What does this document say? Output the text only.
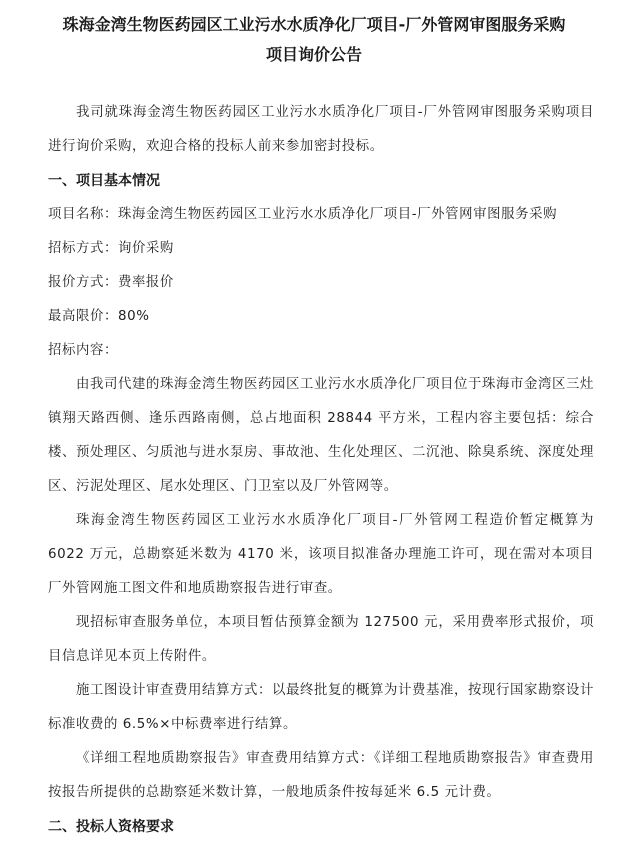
珠海金湾生物医药园区工业污水水质净化厂项目-厂外管网审图服务采购
项目询价公告

我司就珠海金湾生物医药园区工业污水水质净化厂项目-厂外管网审图服务采购项目进行询价采购，欢迎合格的投标人前来参加密封投标。

一、项目基本情况

项目名称：珠海金湾生物医药园区工业污水水质净化厂项目-厂外管网审图服务采购

招标方式：询价采购

报价方式：费率报价

最高限价：80%

招标内容：

由我司代建的珠海金湾生物医药园区工业污水水质净化厂项目位于珠海市金湾区三灶镇翔天路西侧、逢乐西路南侧，总占地面积 28844 平方米，工程内容主要包括：综合楼、预处理区、匀质池与进水泵房、事故池、生化处理区、二沉池、除臭系统、深度处理区、污泥处理区、尾水处理区、门卫室以及厂外管网等。

珠海金湾生物医药园区工业污水水质净化厂项目-厂外管网工程造价暂定概算为 6022 万元，总勘察延米数为 4170 米，该项目拟准备办理施工许可，现在需对本项目厂外管网施工图文件和地质勘察报告进行审查。

现招标审查服务单位，本项目暂估预算金额为 127500 元，采用费率形式报价，项目信息详见本页上传附件。

施工图设计审查费用结算方式：以最终批复的概算为计费基准，按现行国家勘察设计标准收费的 6.5%×中标费率进行结算。

《详细工程地质勘察报告》审查费用结算方式：《详细工程地质勘察报告》审查费用按报告所提供的总勘察延米数计算，一般地质条件按每延米 6.5 元计费。

二、投标人资格要求
